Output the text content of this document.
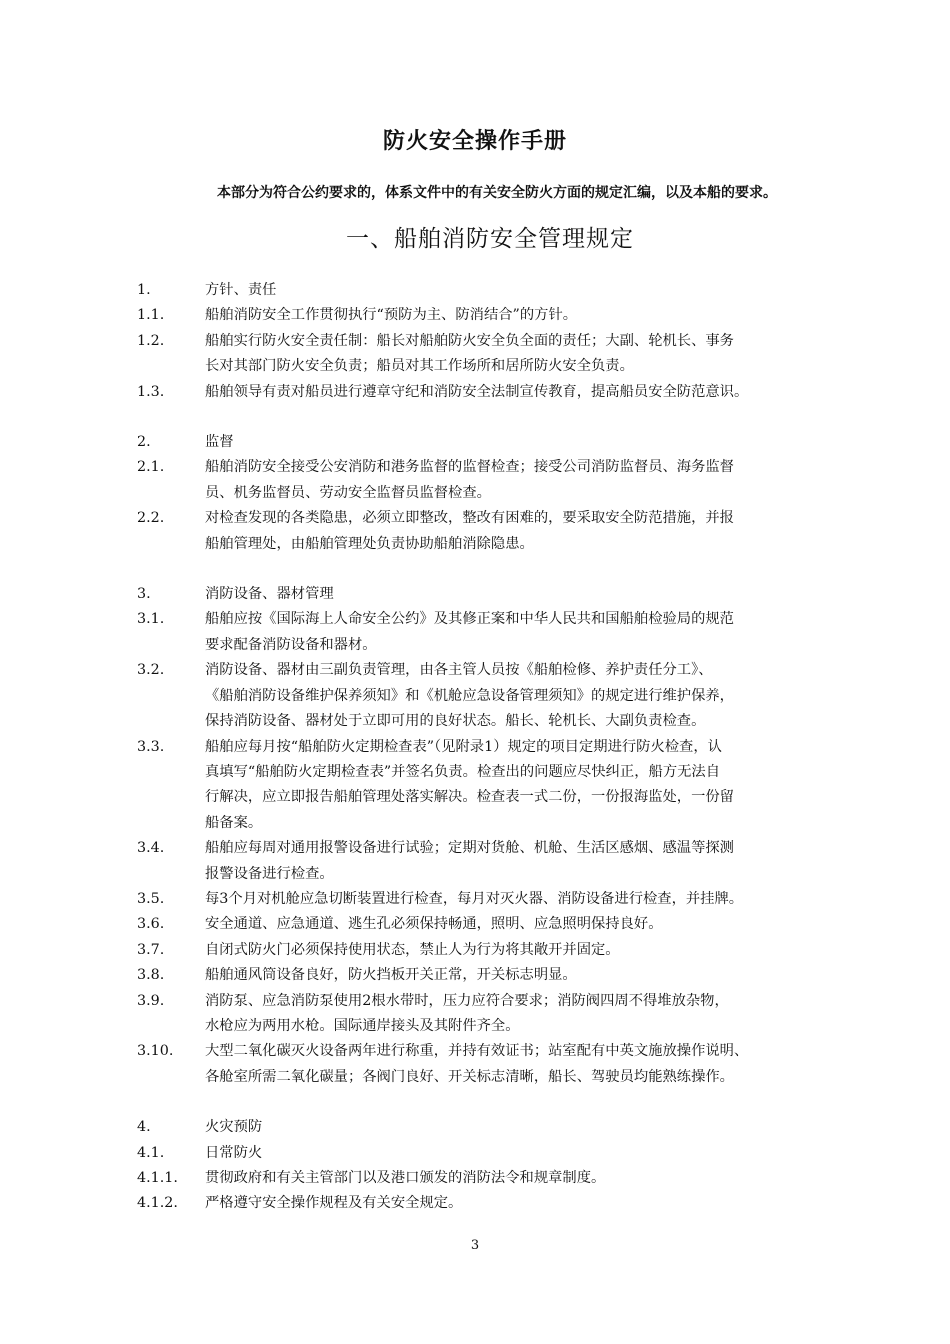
防火安全操作手册
本部分为符合公约要求的，体系文件中的有关安全防火方面的规定汇编，以及本船的要求。
一、船舶消防安全管理规定
1.	方针、责任
1.1.	船舶消防安全工作贯彻执行“预防为主、防消结合”的方针。
1.2.	船舶实行防火安全责任制：船长对船舶防火安全负全面的责任；大副、轮机长、事务
长对其部门防火安全负责；船员对其工作场所和居所防火安全负责。
1.3.	船舶领导有责对船员进行遵章守纪和消防安全法制宣传教育，提高船员安全防范意识。
2.	监督
2.1.	船舶消防安全接受公安消防和港务监督的监督检查；接受公司消防监督员、海务监督
员、机务监督员、劳动安全监督员监督检查。
2.2.	对检查发现的各类隐患，必须立即整改，整改有困难的，要采取安全防范措施，并报
船舶管理处，由船舶管理处负责协助船舶消除隐患。
3.	消防设备、器材管理
3.1.	船舶应按《国际海上人命安全公约》及其修正案和中华人民共和国船舶检验局的规范
要求配备消防设备和器材。
3.2.	消防设备、器材由三副负责管理，由各主管人员按《船舶检修、养护责任分工》、
《船舶消防设备维护保养须知》和《机舱应急设备管理须知》的规定进行维护保养，
保持消防设备、器材处于立即可用的良好状态。船长、轮机长、大副负责检查。
3.3.	船舶应每月按“船舶防火定期检查表”（见附录1）规定的项目定期进行防火检查，认
真填写“船舶防火定期检查表”并签名负责。检查出的问题应尽快纠正，船方无法自
行解决，应立即报告船舶管理处落实解决。检查表一式二份，一份报海监处，一份留
船备案。
3.4.	船舶应每周对通用报警设备进行试验；定期对货舱、机舱、生活区感烟、感温等探测
报警设备进行检查。
3.5.	每3个月对机舱应急切断装置进行检查，每月对灭火器、消防设备进行检查，并挂牌。
3.6.	安全通道、应急通道、逃生孔必须保持畅通，照明、应急照明保持良好。
3.7.	自闭式防火门必须保持使用状态，禁止人为行为将其敞开并固定。
3.8.	船舶通风筒设备良好，防火挡板开关正常，开关标志明显。
3.9.	消防泵、应急消防泵使用2根水带时，压力应符合要求；消防阀四周不得堆放杂物，
水枪应为两用水枪。国际通岸接头及其附件齐全。
3.10.	大型二氧化碳灭火设备两年进行称重，并持有效证书；站室配有中英文施放操作说明、
各舱室所需二氧化碳量；各阀门良好、开关标志清晰，船长、驾驶员均能熟练操作。
4.	火灾预防
4.1.	日常防火
4.1.1.	贯彻政府和有关主管部门以及港口颁发的消防法令和规章制度。
4.1.2.	严格遵守安全操作规程及有关安全规定。
3
